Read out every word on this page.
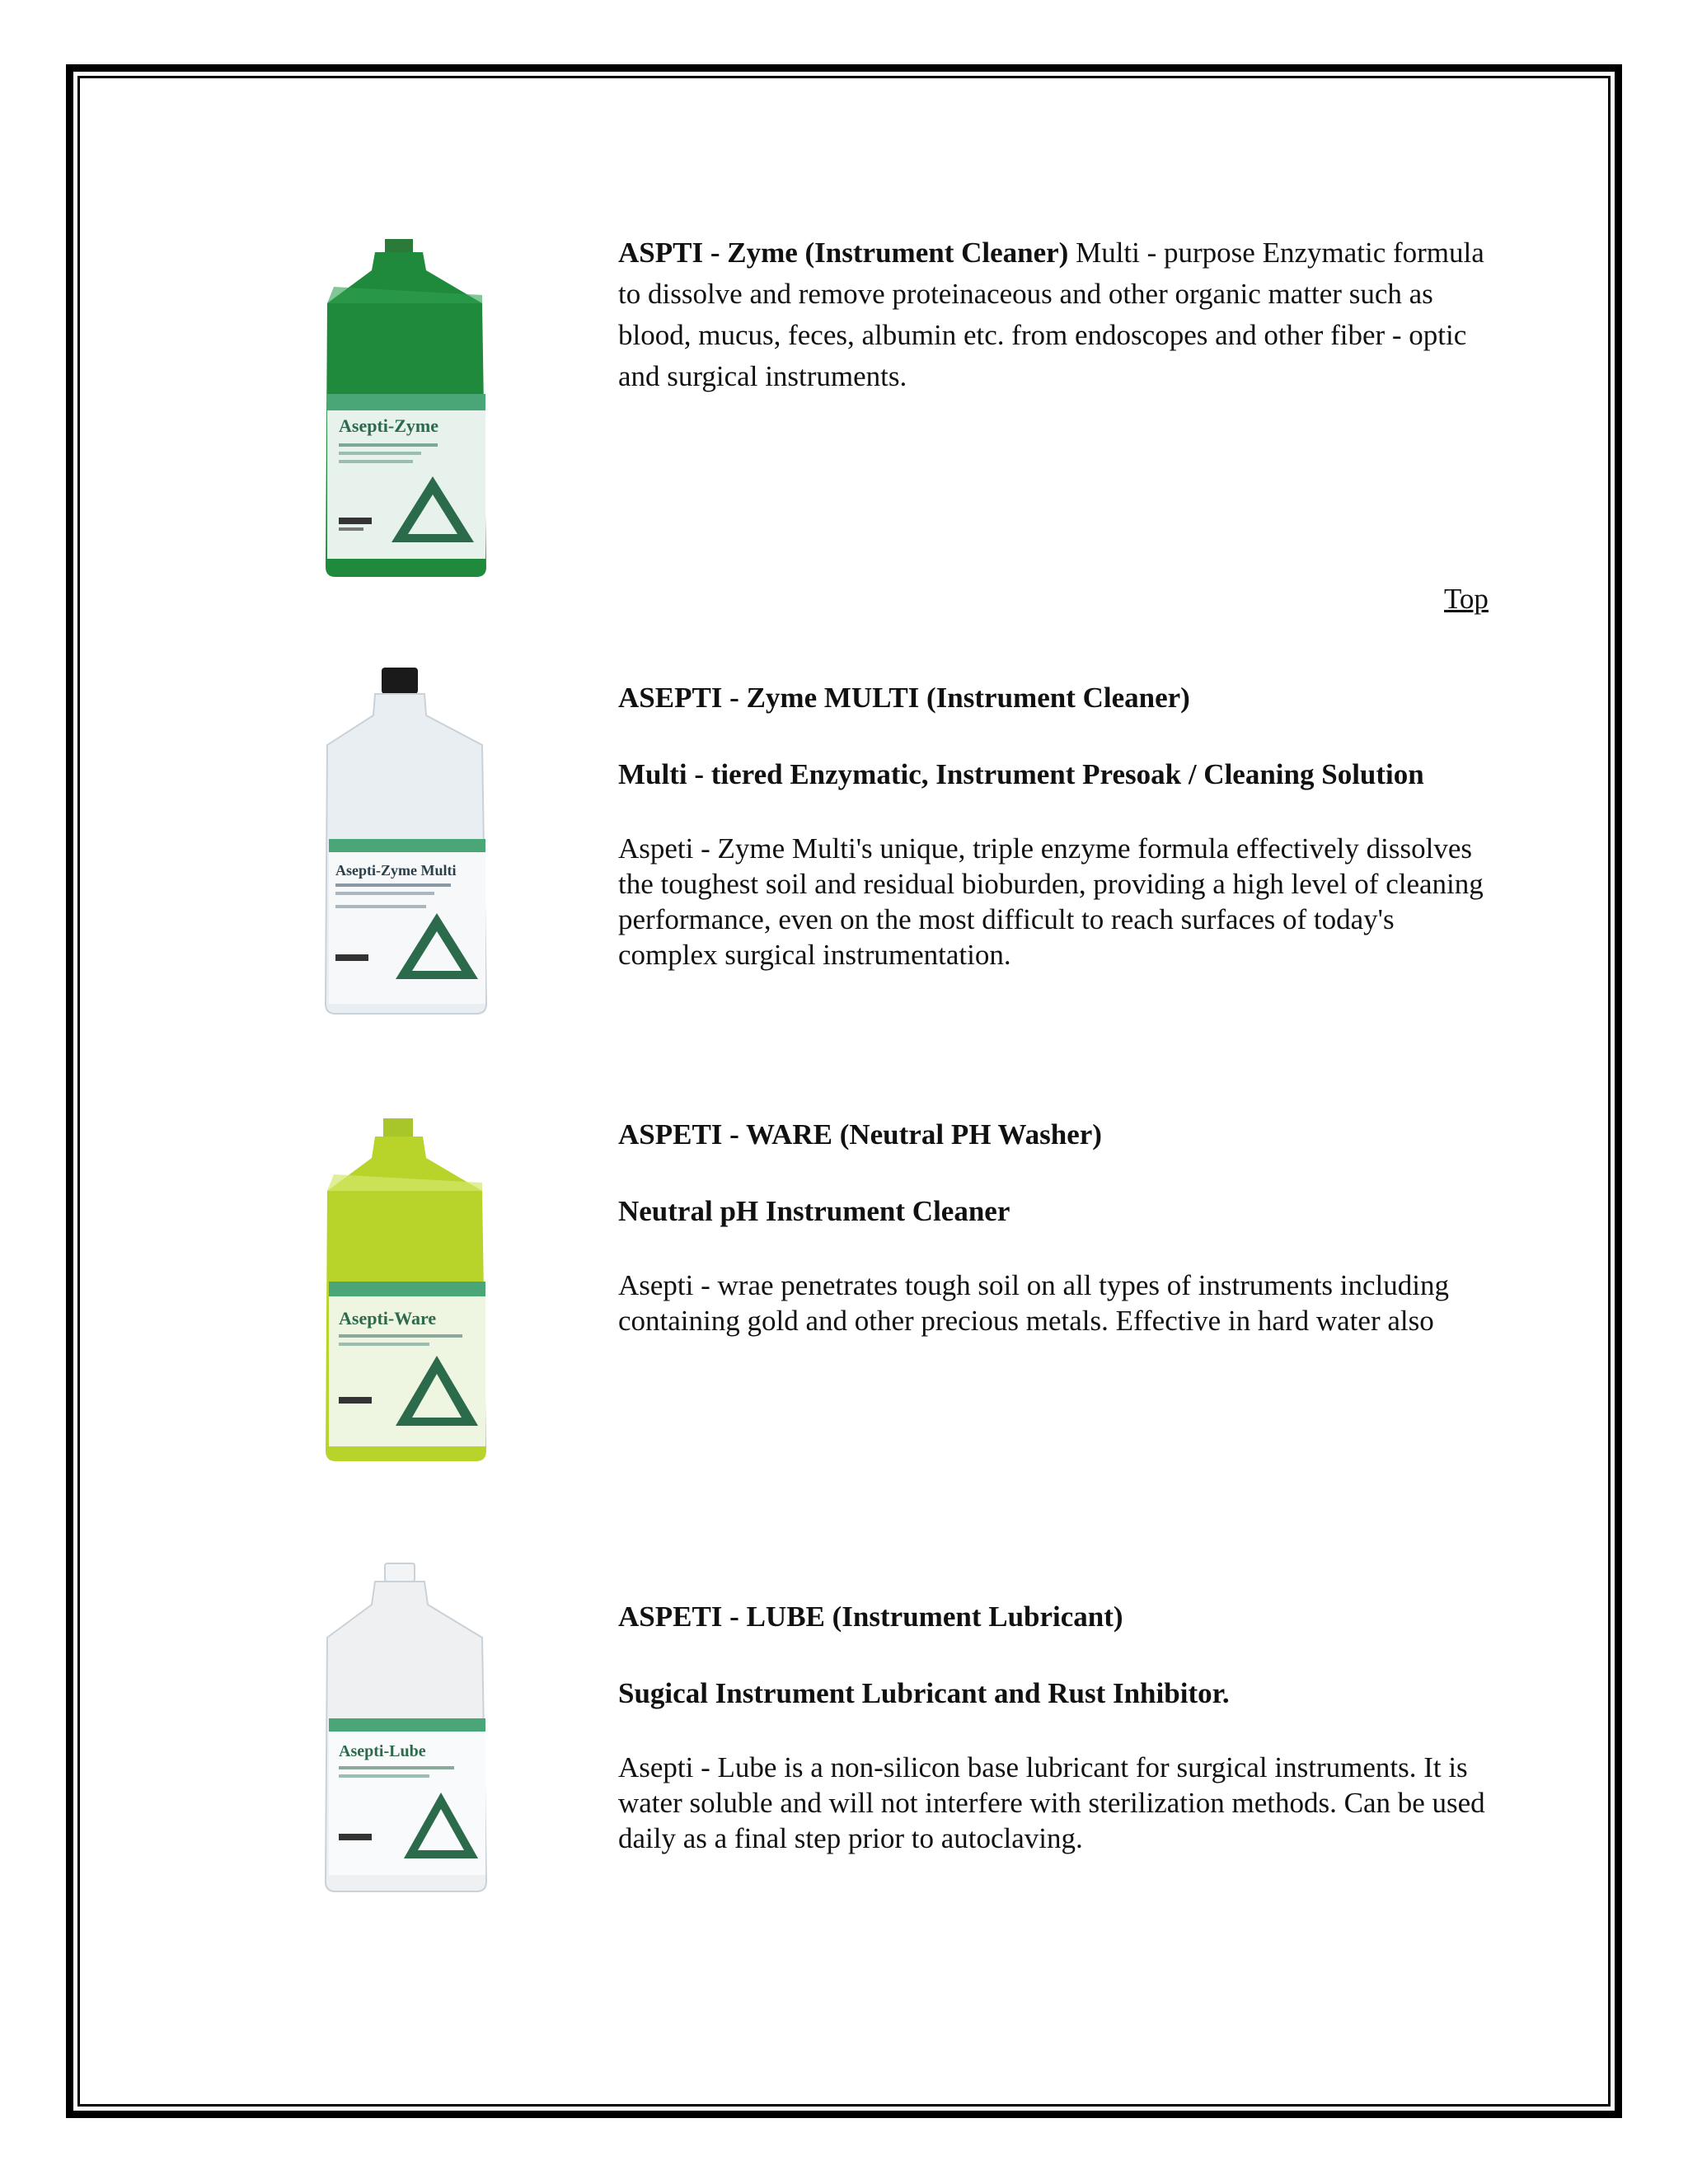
Asepti-Zyme

ASPTI - Zyme (Instrument Cleaner) Multi - purpose Enzymatic formula to dissolve and remove proteinaceous and other organic matter such as blood, mucus, feces, albumin etc. from endoscopes and other fiber - optic and surgical instruments.

Top
Asepti-Zyme Multi

ASEPTI - Zyme MULTI (Instrument Cleaner)

Multi - tiered Enzymatic, Instrument Presoak / Cleaning Solution

Aspeti - Zyme Multi's unique, triple enzyme formula effectively dissolves the toughest soil and residual bioburden, providing a high level of cleaning performance, even on the most difficult to reach surfaces of today's complex surgical instrumentation.

Asepti-Ware

ASPETI - WARE (Neutral PH Washer)

Neutral pH Instrument Cleaner

Asepti - wrae penetrates tough soil on all types of instruments including containing gold and other precious metals. Effective in hard water also

Asepti-Lube

ASPETI - LUBE (Instrument Lubricant)

Sugical Instrument Lubricant and Rust Inhibitor.

Asepti - Lube is a non-silicon base lubricant for surgical instruments. It is water soluble and will not interfere with sterilization methods. Can be used daily as a final step prior to autoclaving.
